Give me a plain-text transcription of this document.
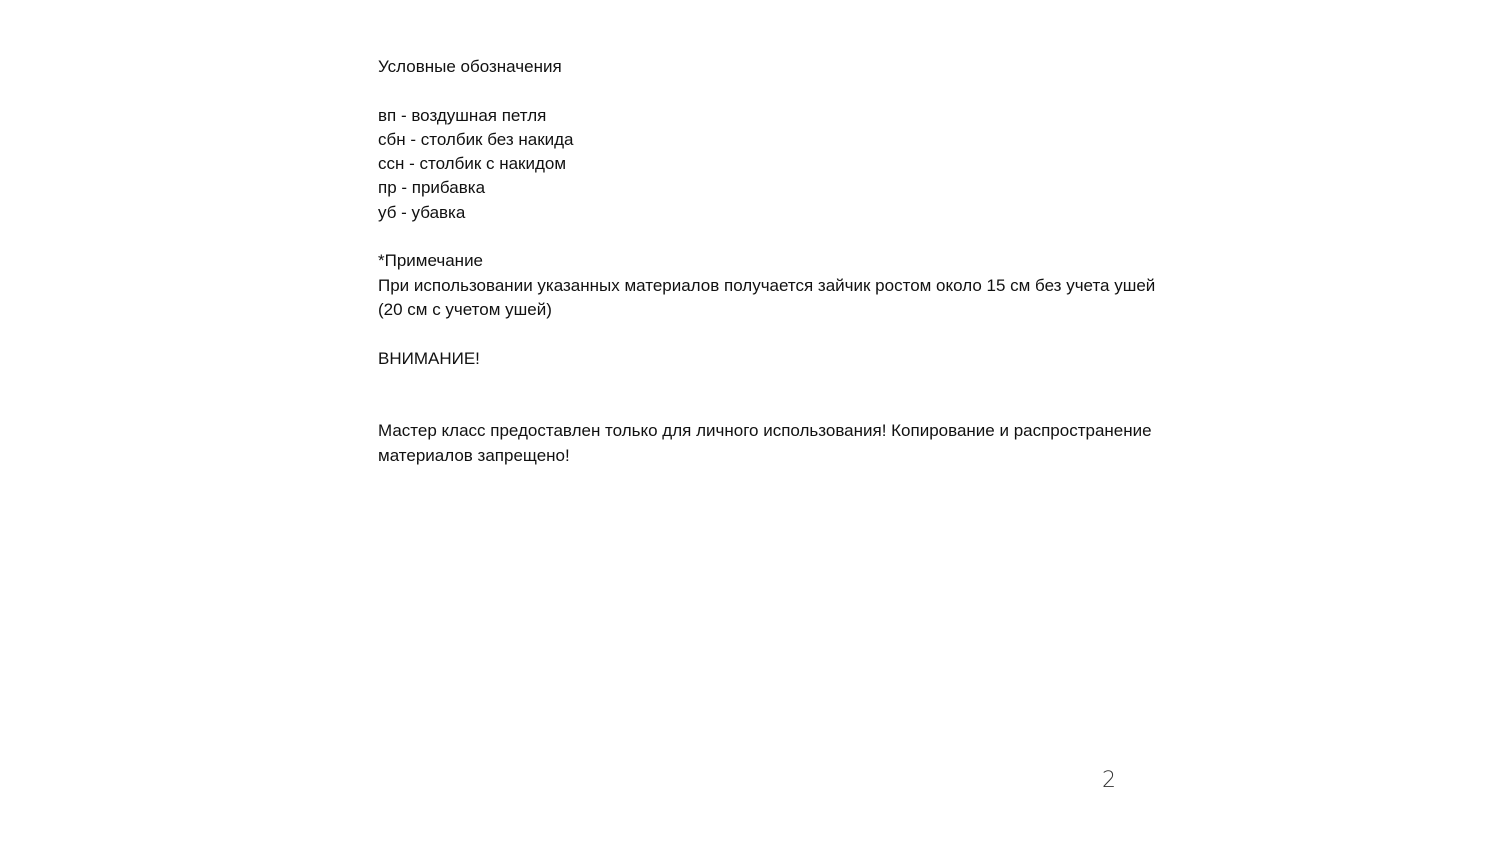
Условные обозначения
вп - воздушная петля
сбн - столбик без накида
ссн - столбик с накидом
пр - прибавка
уб - убавка
*Примечание
При использовании указанных материалов получается зайчик ростом около 15 см без учета ушей (20 см с учетом ушей)
ВНИМАНИЕ!
Мастер класс предоставлен только для личного использования! Копирование и распространение материалов запрещено!
2
